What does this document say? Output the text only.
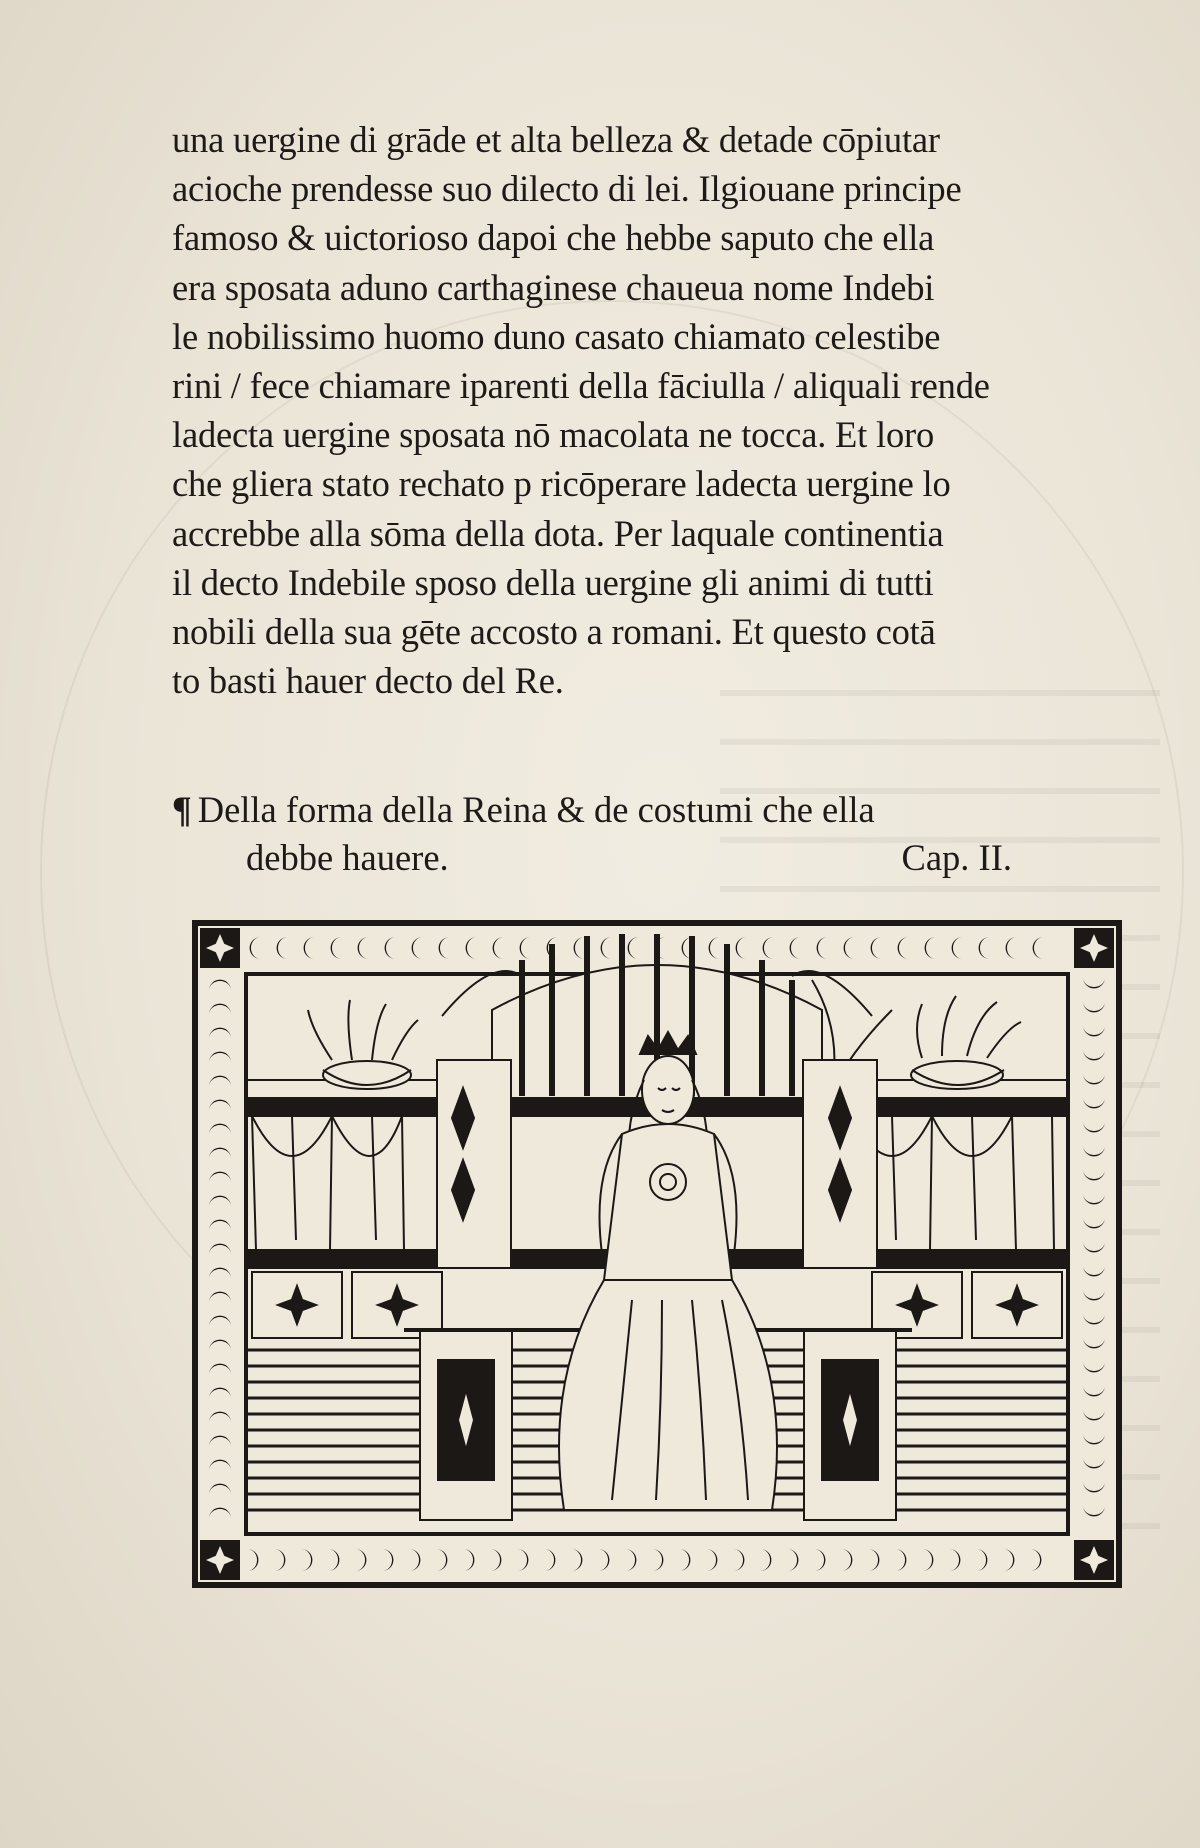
una uergine di grāde et alta belleza & detade cōpiutar
acioche prendesse suo dilecto di lei. Ilgiouane principe
famoso & uictorioso dapoi che hebbe saputo che ella
era sposata aduno carthaginese chaueua nome Indebi
le nobilissimo huomo duno casato chiamato celestibe
rini / fece chiamare iparenti della fāciulla / aliquali rende
ladecta uergine sposata nō macolata ne tocca. Et loro
che gliera stato rechato p ricōperare ladecta uergine lo
accrebbe alla sōma della dota. Per laquale continentia
il decto Indebile sposo della uergine gli animi di tutti
nobili della sua gēte accosto a romani. Et questo cotā
to basti hauer decto del Re.
¶ Della forma della Reina & de costumi che ella
debbe hauere.	Cap. II.
